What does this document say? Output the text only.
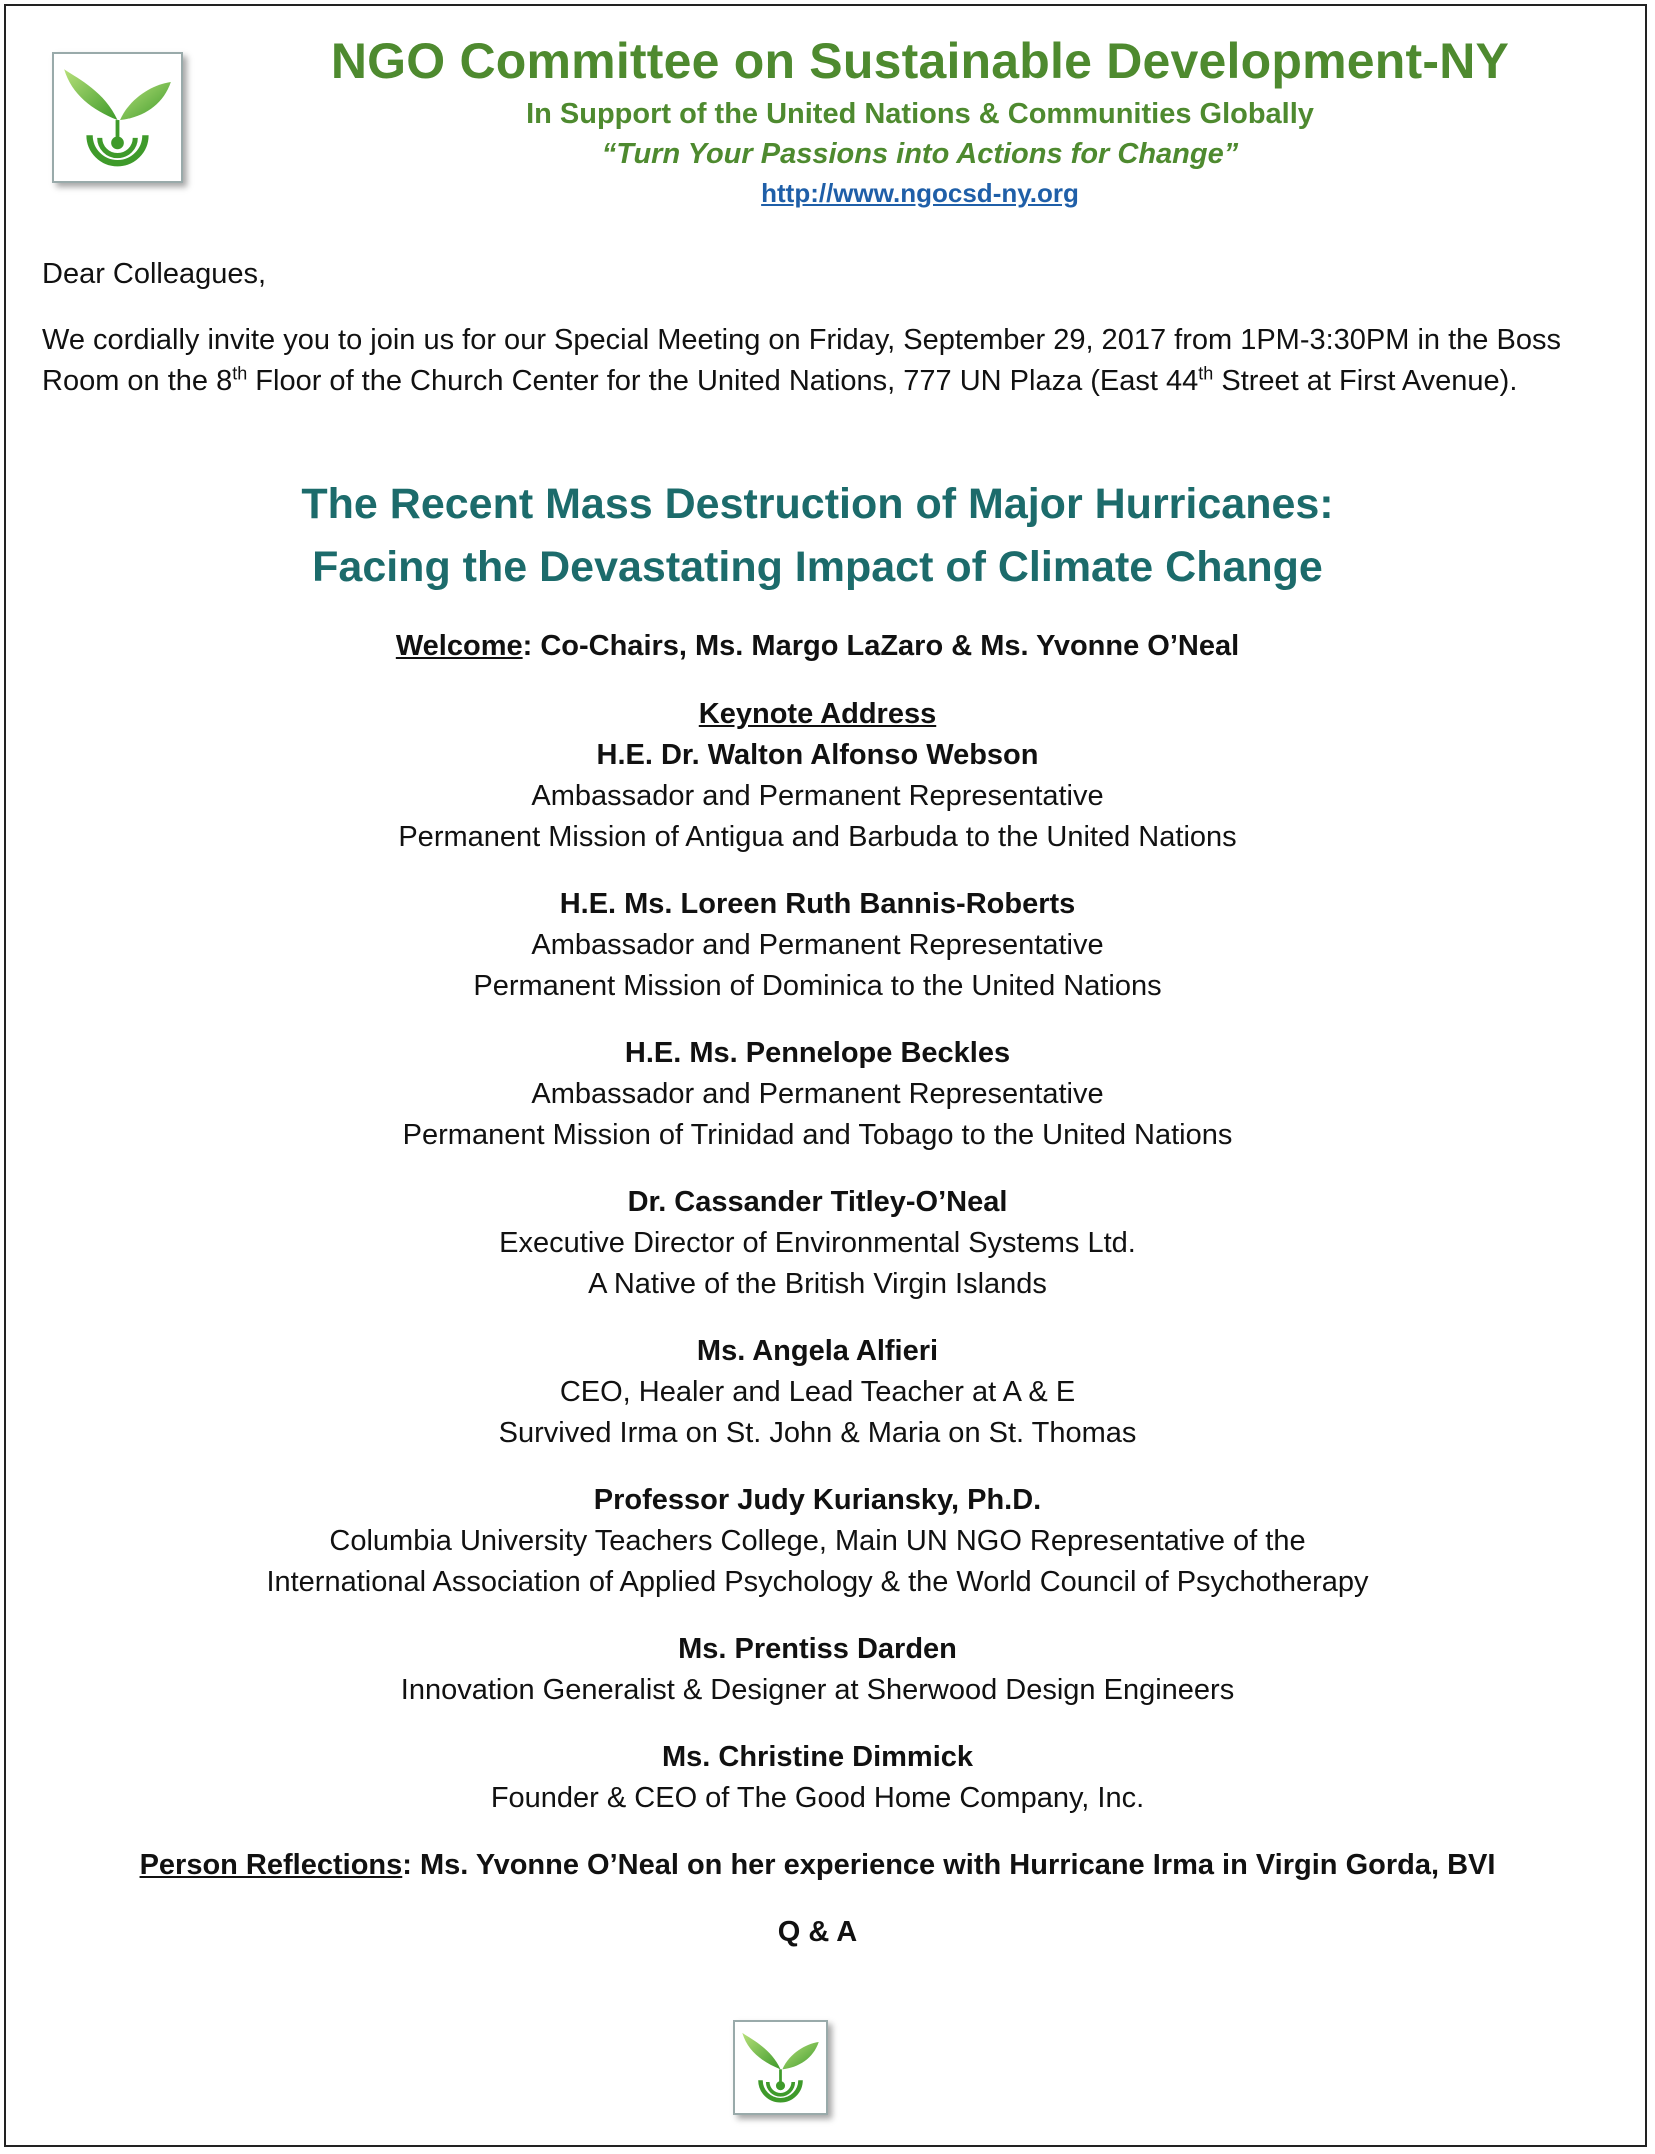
NGO Committee on Sustainable Development-NY
In Support of the United Nations & Communities Globally
“Turn Your Passions into Actions for Change”
http://www.ngocsd-ny.org
Dear Colleagues,
We cordially invite you to join us for our Special Meeting on Friday, September 29, 2017 from 1PM-3:30PM in the Boss Room on the 8th Floor of the Church Center for the United Nations, 777 UN Plaza (East 44th Street at First Avenue).
The Recent Mass Destruction of Major Hurricanes:
Facing the Devastating Impact of Climate Change
Welcome: Co-Chairs, Ms. Margo LaZaro & Ms. Yvonne O’Neal
Keynote Address
H.E. Dr. Walton Alfonso Webson
Ambassador and Permanent Representative
Permanent Mission of Antigua and Barbuda to the United Nations
H.E. Ms. Loreen Ruth Bannis-Roberts
Ambassador and Permanent Representative
Permanent Mission of Dominica to the United Nations
H.E. Ms. Pennelope Beckles
Ambassador and Permanent Representative
Permanent Mission of Trinidad and Tobago to the United Nations
Dr. Cassander Titley-O’Neal
Executive Director of Environmental Systems Ltd.
A Native of the British Virgin Islands
Ms. Angela Alfieri
CEO, Healer and Lead Teacher at A & E
Survived Irma on St. John & Maria on St. Thomas
Professor Judy Kuriansky, Ph.D.
Columbia University Teachers College, Main UN NGO Representative of the
International Association of Applied Psychology & the World Council of Psychotherapy
Ms. Prentiss Darden
Innovation Generalist & Designer at Sherwood Design Engineers
Ms. Christine Dimmick
Founder & CEO of The Good Home Company, Inc.
Person Reflections: Ms. Yvonne O’Neal on her experience with Hurricane Irma in Virgin Gorda, BVI
Q & A
